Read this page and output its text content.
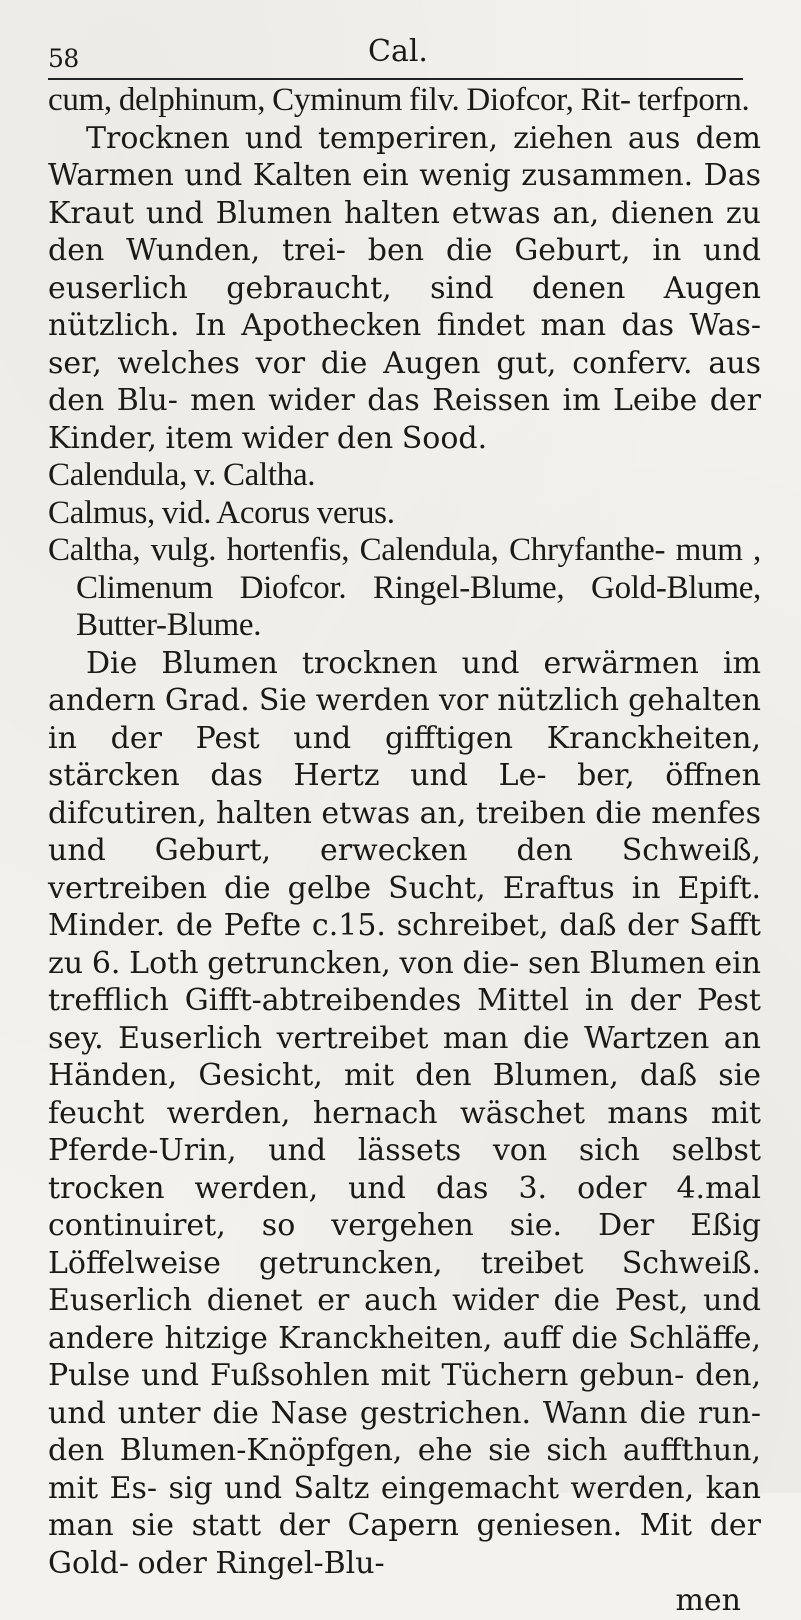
58	Cal.

cum, delphinum, Cyminum filv. Diofcor, Rit- terfporn.

Trocknen und temperiren, ziehen aus dem Warmen und Kalten ein wenig zusammen. Das Kraut und Blumen halten etwas an, dienen zu den Wunden, trei- ben die Geburt, in und euserlich gebraucht, sind denen Augen nützlich. In Apothecken findet man das Was- ser, welches vor die Augen gut, conferv. aus den Blu- men wider das Reissen im Leibe der Kinder, item wider den Sood.

Calendula, v. Caltha.

Calmus, vid. Acorus verus.

Caltha, vulg. hortenfis, Calendula, Chryfanthe- mum , Climenum Diofcor. Ringel-Blume, Gold-Blume, Butter-Blume.

Die Blumen trocknen und erwärmen im andern Grad. Sie werden vor nützlich gehalten in der Pest und gifftigen Kranckheiten, stärcken das Hertz und Le- ber, öffnen difcutiren, halten etwas an, treiben die menfes und Geburt, erwecken den Schweiß, vertreiben die gelbe Sucht, Eraftus in Epift. Minder. de Pefte c.15. schreibet, daß der Safft zu 6. Loth getruncken, von die- sen Blumen ein trefflich Gifft-abtreibendes Mittel in der Pest sey. Euserlich vertreibet man die Wartzen an Händen, Gesicht, mit den Blumen, daß sie feucht werden, hernach wäschet mans mit Pferde-Urin, und lässets von sich selbst trocken werden, und das 3. oder 4.mal continuiret, so vergehen sie. Der Eßig Löffelweise getruncken, treibet Schweiß. Euserlich dienet er auch wider die Pest, und andere hitzige Kranckheiten, auff die Schläffe, Pulse und Fußsohlen mit Tüchern gebun- den, und unter die Nase gestrichen. Wann die run- den Blumen-Knöpfgen, ehe sie sich auffthun, mit Es- sig und Saltz eingemacht werden, kan man sie statt der Capern geniesen. Mit der Gold- oder Ringel-Blu-

men
